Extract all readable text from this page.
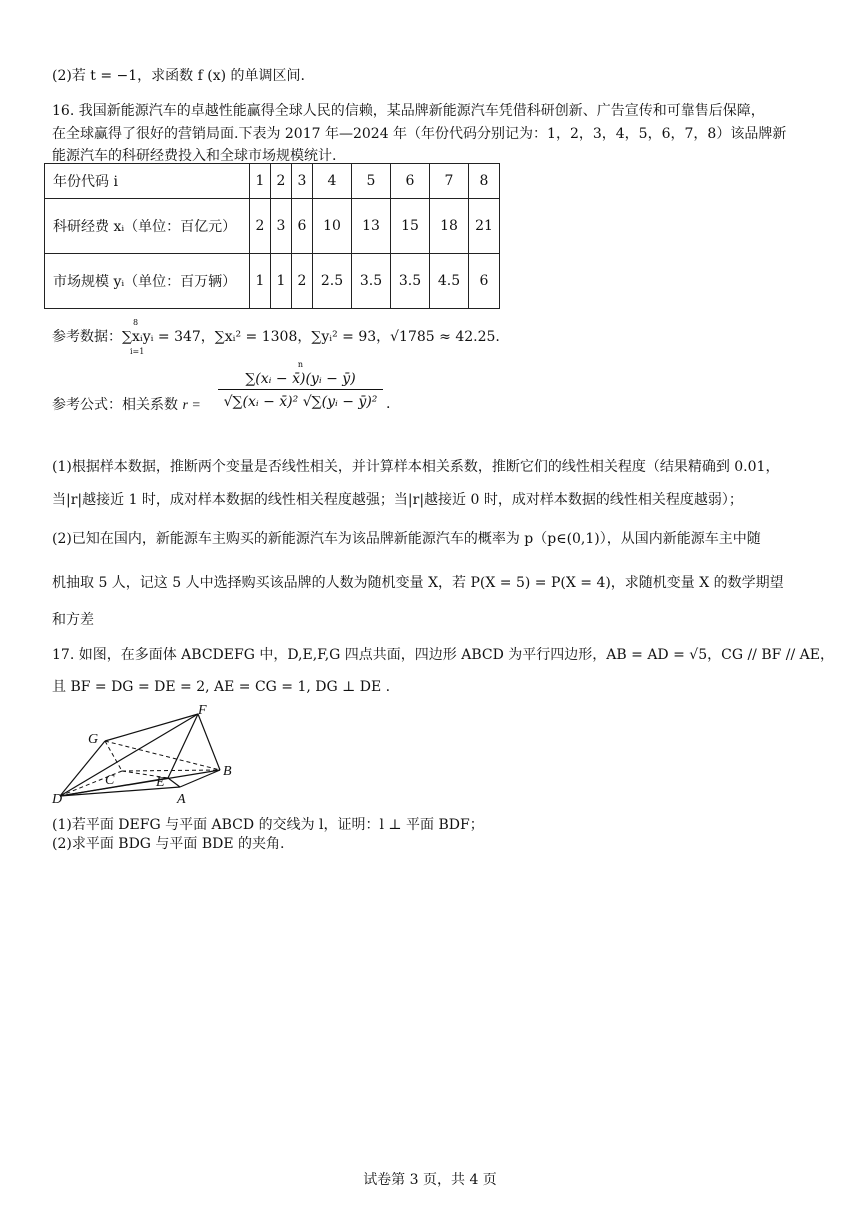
(2)若 t = −1，求函数 f (x) 的单调区间.
16. 我国新能源汽车的卓越性能赢得全球人民的信赖，某品牌新能源汽车凭借科研创新、广告宣传和可靠售后保障，
在全球赢得了很好的营销局面.下表为 2017 年—2024 年（年份代码分别记为：1，2，3，4，5，6，7，8）该品牌新
能源汽车的科研经费投入和全球市场规模统计.
年份代码 i	1	2	3	4	5	6	7	8
科研经费 xᵢ（单位：百亿元）	2	3	6	10	13	15	18	21
市场规模 yᵢ（单位：百万辆）	1	1	2	2.5	3.5	3.5	4.5	6
参考数据：∑xᵢyᵢ = 347，∑xᵢ² = 1308，∑yᵢ² = 93，√1785 ≈ 42.25.
8
i=1
参考公式：相关系数 r =
n
∑(xᵢ − x̄)(yᵢ − ȳ)
√∑(xᵢ − x̄)² √∑(yᵢ − ȳ)² .
(1)根据样本数据，推断两个变量是否线性相关，并计算样本相关系数，推断它们的线性相关程度（结果精确到 0.01，
当|r|越接近 1 时，成对样本数据的线性相关程度越强；当|r|越接近 0 时，成对样本数据的线性相关程度越弱）；
(2)已知在国内，新能源车主购买的新能源汽车为该品牌新能源汽车的概率为 p（p∈(0,1)），从国内新能源车主中随
机抽取 5 人，记这 5 人中选择购买该品牌的人数为随机变量 X，若 P(X = 5) = P(X = 4)，求随机变量 X 的数学期望
和方差
17. 如图，在多面体 ABCDEFG 中，D,E,F,G 四点共面，四边形 ABCD 为平行四边形，AB = AD = √5，CG // BF // AE，
且 BF = DG = DE = 2, AE = CG = 1, DG ⊥ DE .
F
G
B
C	E
D	A
(1)若平面 DEFG 与平面 ABCD 的交线为 l，证明：l ⊥ 平面 BDF；
(2)求平面 BDG 与平面 BDE 的夹角.
试卷第 3 页，共 4 页
